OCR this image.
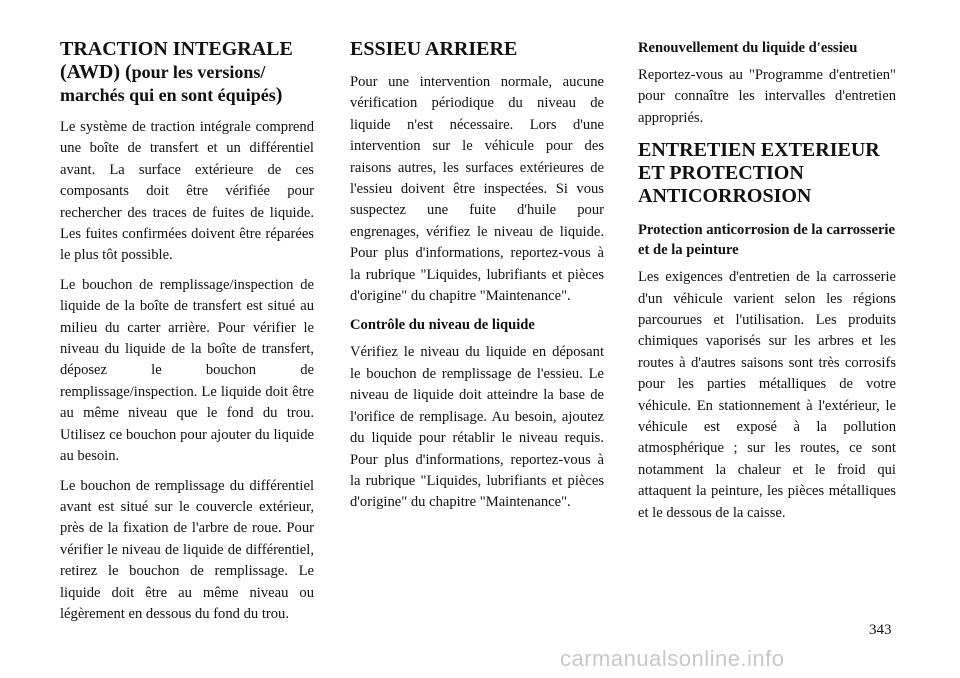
TRACTION INTEGRALE (AWD) (pour les versions/ marchés qui en sont équipés)

Le système de traction intégrale comprend une boîte de transfert et un différentiel avant. La surface extérieure de ces composants doit être vérifiée pour rechercher des traces de fuites de liquide. Les fuites confirmées doivent être réparées le plus tôt possible.

Le bouchon de remplissage/inspection de liquide de la boîte de transfert est situé au milieu du carter arrière. Pour vérifier le niveau du liquide de la boîte de transfert, déposez le bouchon de remplissage/inspection. Le liquide doit être au même niveau que le fond du trou. Utilisez ce bouchon pour ajouter du liquide au besoin.

Le bouchon de remplissage du différentiel avant est situé sur le couvercle extérieur, près de la fixation de l'arbre de roue. Pour vérifier le niveau de liquide de différentiel, retirez le bouchon de remplissage. Le liquide doit être au même niveau ou légèrement en dessous du fond du trou.

ESSIEU ARRIERE

Pour une intervention normale, aucune vérification périodique du niveau de liquide n'est nécessaire. Lors d'une intervention sur le véhicule pour des raisons autres, les surfaces extérieures de l'essieu doivent être inspectées. Si vous suspectez une fuite d'huile pour engrenages, vérifiez le niveau de liquide. Pour plus d'informations, reportez-vous à la rubrique "Liquides, lubrifiants et pièces d'origine" du chapitre "Maintenance".

Contrôle du niveau de liquide

Vérifiez le niveau du liquide en déposant le bouchon de remplissage de l'essieu. Le niveau de liquide doit atteindre la base de l'orifice de remplisage. Au besoin, ajoutez du liquide pour rétablir le niveau requis. Pour plus d'informations, reportez-vous à la rubrique "Liquides, lubrifiants et pièces d'origine" du chapitre "Maintenance".

Renouvellement du liquide d'essieu

Reportez-vous au "Programme d'entretien" pour connaître les intervalles d'entretien appropriés.

ENTRETIEN EXTERIEUR ET PROTECTION ANTICORROSION
Protection anticorrosion de la carrosserie et de la peinture

Les exigences d'entretien de la carrosserie d'un véhicule varient selon les régions parcourues et l'utilisation. Les produits chimiques vaporisés sur les arbres et les routes à d'autres saisons sont très corrosifs pour les parties métalliques de votre véhicule. En stationnement à l'extérieur, le véhicule est exposé à la pollution atmosphérique ; sur les routes, ce sont notamment la chaleur et le froid qui attaquent la peinture, les pièces métalliques et le dessous de la caisse.

343
carmanualsonline.info
